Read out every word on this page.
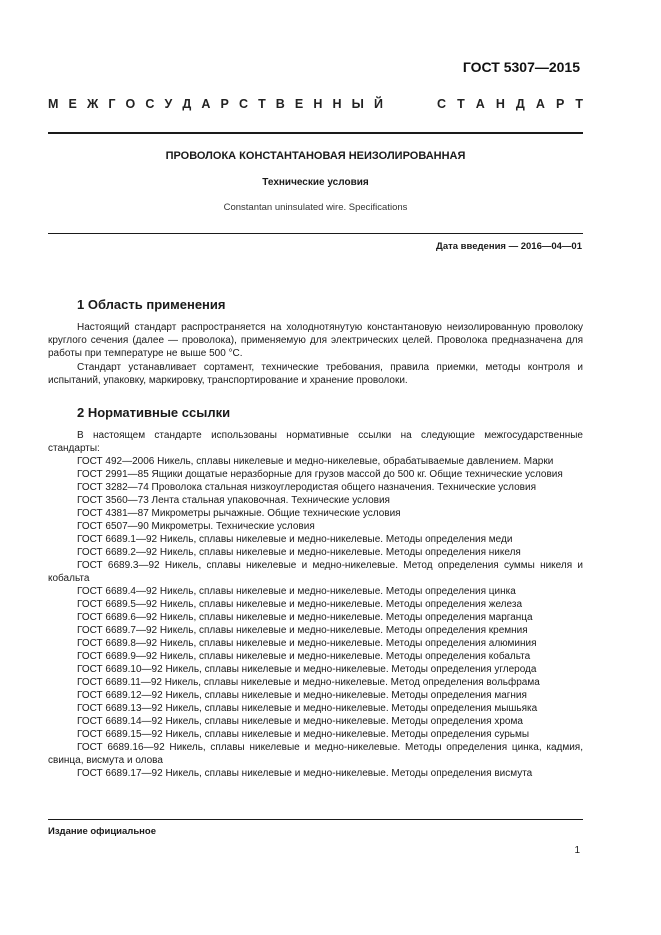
ГОСТ 5307—2015
М Е Ж Г О С У Д А Р С Т В Е Н Н Ы Й	С Т А Н Д А Р Т
ПРОВОЛОКА КОНСТАНТАНОВАЯ НЕИЗОЛИРОВАННАЯ
Технические условия
Constantan uninsulated wire. Specifications
Дата введения — 2016—04—01
1 Область применения
Настоящий стандарт распространяется на холоднотянутую константановую неизолированную проволоку круглого сечения (далее — проволока), применяемую для электрических целей. Проволока предназначена для работы при температуре не выше 500 °С.
Стандарт устанавливает сортамент, технические требования, правила приемки, методы контроля и испытаний, упаковку, маркировку, транспортирование и хранение проволоки.
2 Нормативные ссылки
В настоящем стандарте использованы нормативные ссылки на следующие межгосударственные стандарты:
ГОСТ 492—2006 Никель, сплавы никелевые и медно-никелевые, обрабатываемые давлением. Марки
ГОСТ 2991—85 Ящики дощатые неразборные для грузов массой до 500 кг. Общие технические условия
ГОСТ 3282—74 Проволока стальная низкоуглеродистая общего назначения. Технические условия
ГОСТ 3560—73 Лента стальная упаковочная. Технические условия
ГОСТ 4381—87 Микрометры рычажные. Общие технические условия
ГОСТ 6507—90 Микрометры. Технические условия
ГОСТ 6689.1—92 Никель, сплавы никелевые и медно-никелевые. Методы определения меди
ГОСТ 6689.2—92 Никель, сплавы никелевые и медно-никелевые. Методы определения никеля
ГОСТ 6689.3—92 Никель, сплавы никелевые и медно-никелевые. Метод определения суммы никеля и кобальта
ГОСТ 6689.4—92 Никель, сплавы никелевые и медно-никелевые. Методы определения цинка
ГОСТ 6689.5—92 Никель, сплавы никелевые и медно-никелевые. Методы определения железа
ГОСТ 6689.6—92 Никель, сплавы никелевые и медно-никелевые. Методы определения марганца
ГОСТ 6689.7—92 Никель, сплавы никелевые и медно-никелевые. Методы определения кремния
ГОСТ 6689.8—92 Никель, сплавы никелевые и медно-никелевые. Методы определения алюминия
ГОСТ 6689.9—92 Никель, сплавы никелевые и медно-никелевые. Методы определения кобальта
ГОСТ 6689.10—92 Никель, сплавы никелевые и медно-никелевые. Методы определения углерода
ГОСТ 6689.11—92 Никель, сплавы никелевые и медно-никелевые. Метод определения вольфрама
ГОСТ 6689.12—92 Никель, сплавы никелевые и медно-никелевые. Методы определения магния
ГОСТ 6689.13—92 Никель, сплавы никелевые и медно-никелевые. Методы определения мышьяка
ГОСТ 6689.14—92 Никель, сплавы никелевые и медно-никелевые. Методы определения хрома
ГОСТ 6689.15—92 Никель, сплавы никелевые и медно-никелевые. Методы определения сурьмы
ГОСТ 6689.16—92 Никель, сплавы никелевые и медно-никелевые. Методы определения цинка, кадмия, свинца, висмута и олова
ГОСТ 6689.17—92 Никель, сплавы никелевые и медно-никелевые. Методы определения висмута
Издание официальное
1
